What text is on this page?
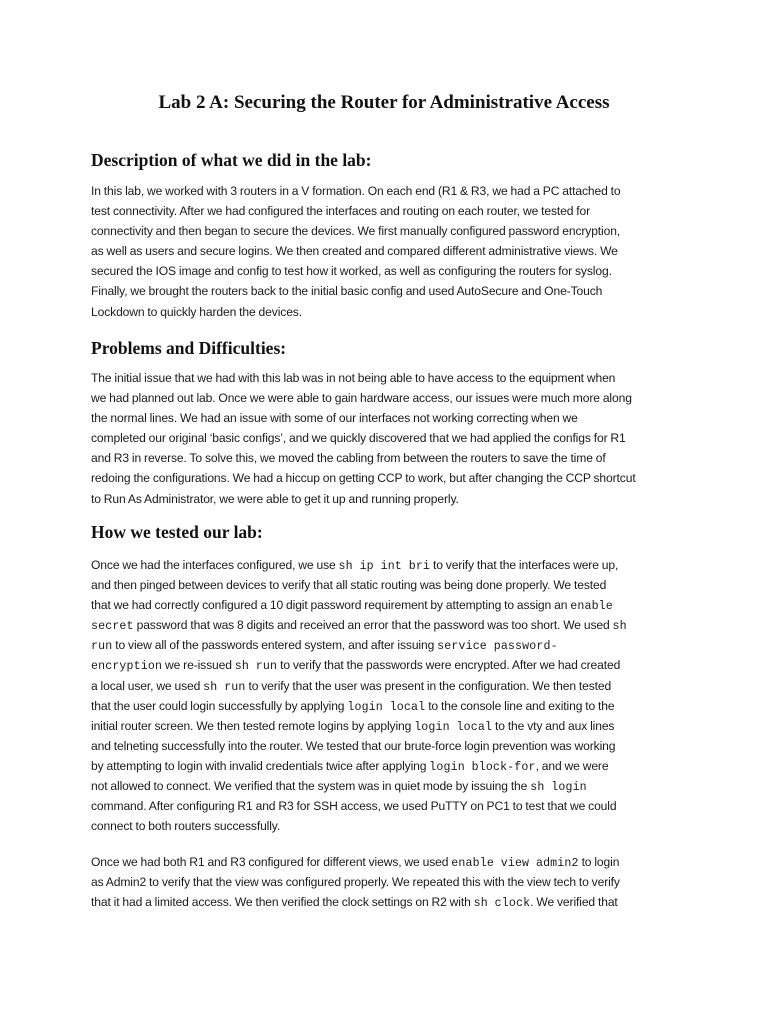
Lab 2 A: Securing the Router for Administrative Access
Description of what we did in the lab:
In this lab, we worked with 3 routers in a V formation. On each end (R1 & R3, we had a PC attached to
test connectivity. After we had configured the interfaces and routing on each router, we tested for
connectivity and then began to secure the devices. We first manually configured password encryption,
as well as users and secure logins. We then created and compared different administrative views. We
secured the IOS image and config to test how it worked, as well as configuring the routers for syslog.
Finally, we brought the routers back to the initial basic config and used AutoSecure and One-Touch
Lockdown to quickly harden the devices.
Problems and Difficulties:
The initial issue that we had with this lab was in not being able to have access to the equipment when
we had planned out lab. Once we were able to gain hardware access, our issues were much more along
the normal lines. We had an issue with some of our interfaces not working correcting when we
completed our original ‘basic configs’, and we quickly discovered that we had applied the configs for R1
and R3 in reverse. To solve this, we moved the cabling from between the routers to save the time of
redoing the configurations. We had a hiccup on getting CCP to work, but after changing the CCP shortcut
to Run As Administrator, we were able to get it up and running properly.
How we tested our lab:
Once we had the interfaces configured, we use sh ip int bri to verify that the interfaces were up,
and then pinged between devices to verify that all static routing was being done properly. We tested
that we had correctly configured a 10 digit password requirement by attempting to assign an enable
secret password that was 8 digits and received an error that the password was too short. We used sh
run to view all of the passwords entered system, and after issuing service password-
encryption we re-issued sh run to verify that the passwords were encrypted. After we had created
a local user, we used sh run to verify that the user was present in the configuration. We then tested
that the user could login successfully by applying login local to the console line and exiting to the
initial router screen. We then tested remote logins by applying login local to the vty and aux lines
and telneting successfully into the router. We tested that our brute-force login prevention was working
by attempting to login with invalid credentials twice after applying login block-for, and we were
not allowed to connect. We verified that the system was in quiet mode by issuing the sh login
command. After configuring R1 and R3 for SSH access, we used PuTTY on PC1 to test that we could
connect to both routers successfully.
Once we had both R1 and R3 configured for different views, we used enable view admin2 to login
as Admin2 to verify that the view was configured properly. We repeated this with the view tech to verify
that it had a limited access. We then verified the clock settings on R2 with sh clock. We verified that
